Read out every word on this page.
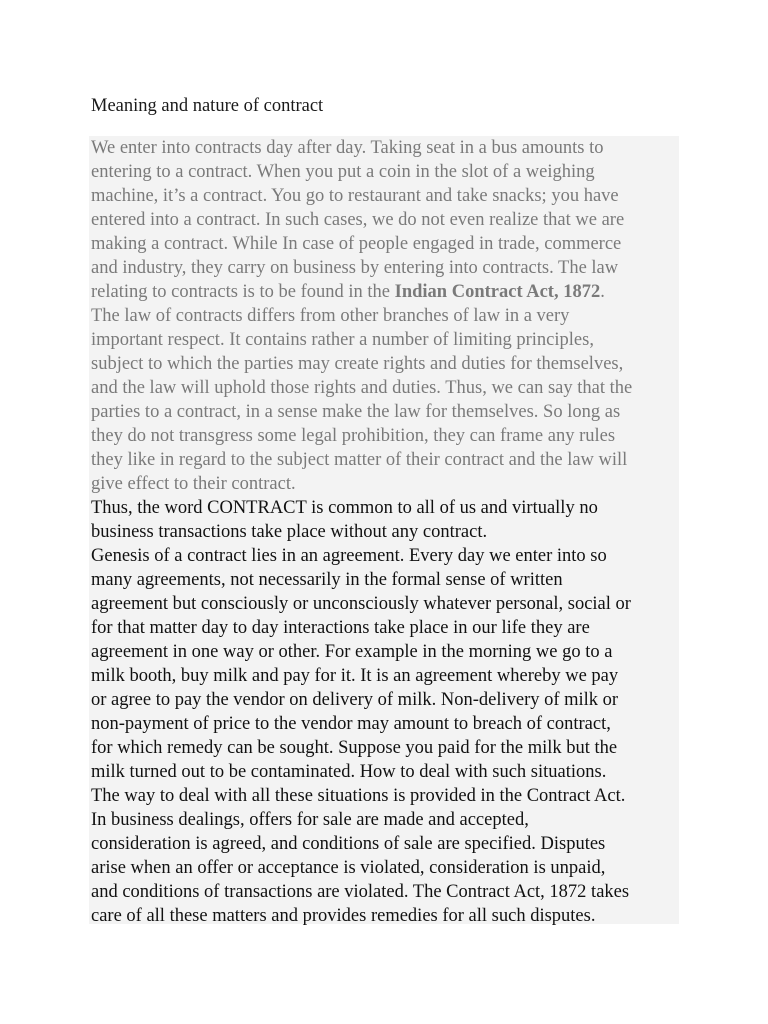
Meaning and nature of contract
We enter into contracts day after day. Taking seat in a bus amounts to
entering to a contract. When you put a coin in the slot of a weighing
machine, it’s a contract. You go to restaurant and take snacks; you have
entered into a contract. In such cases, we do not even realize that we are
making a contract. While In case of people engaged in trade, commerce
and industry, they carry on business by entering into contracts. The law
relating to contracts is to be found in the Indian Contract Act, 1872.
The law of contracts differs from other branches of law in a very
important respect. It contains rather a number of limiting principles,
subject to which the parties may create rights and duties for themselves,
and the law will uphold those rights and duties. Thus, we can say that the
parties to a contract, in a sense make the law for themselves. So long as
they do not transgress some legal prohibition, they can frame any rules
they like in regard to the subject matter of their contract and the law will
give effect to their contract.
Thus, the word CONTRACT is common to all of us and virtually no
business transactions take place without any contract.
Genesis of a contract lies in an agreement. Every day we enter into so
many agreements, not necessarily in the formal sense of written
agreement but consciously or unconsciously whatever personal, social or
for that matter day to day interactions take place in our life they are
agreement in one way or other. For example in the morning we go to a
milk booth, buy milk and pay for it. It is an agreement whereby we pay
or agree to pay the vendor on delivery of milk. Non-delivery of milk or
non-payment of price to the vendor may amount to breach of contract,
for which remedy can be sought. Suppose you paid for the milk but the
milk turned out to be contaminated. How to deal with such situations.
The way to deal with all these situations is provided in the Contract Act.
In business dealings, offers for sale are made and accepted,
consideration is agreed, and conditions of sale are specified. Disputes
arise when an offer or acceptance is violated, consideration is unpaid,
and conditions of transactions are violated. The Contract Act, 1872 takes
care of all these matters and provides remedies for all such disputes.
